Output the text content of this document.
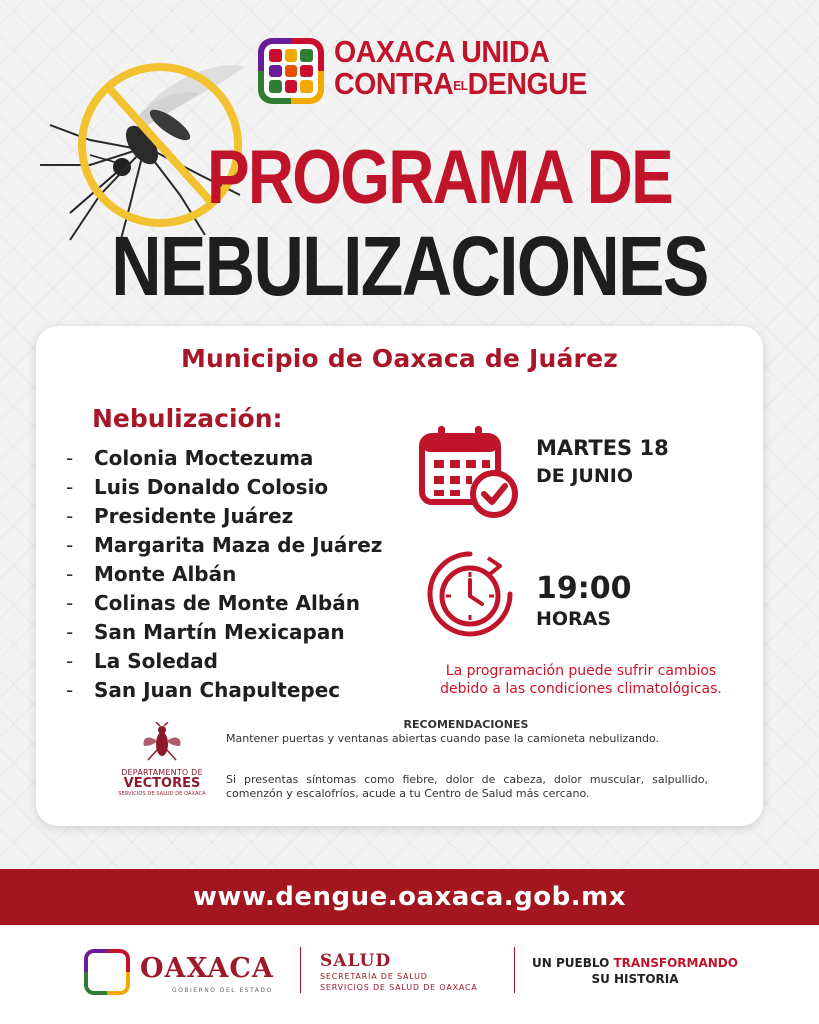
OAXACA UNIDA
CONTRAELDENGUE
PROGRAMA DE
NEBULIZACIONES
Municipio de Oaxaca de Juárez
Nebulización:
- Colonia Moctezuma
- Luis Donaldo Colosio
- Presidente Juárez
- Margarita Maza de Juárez
- Monte Albán
- Colinas de Monte Albán
- San Martín Mexicapan
- La Soledad
- San Juan Chapultepec
MARTES 18
DE JUNIO
19:00
HORAS
La programación puede sufrir cambios
debido a las condiciones climatológicas.
DEPARTAMENTO DE
VECTORES
SERVICIOS DE SALUD DE OAXACA
RECOMENDACIONES
Mantener puertas y ventanas abiertas cuando pase la camioneta nebulizando.
Si presentas síntomas como fiebre, dolor de cabeza, dolor muscular, salpullido, comenzón y escalofríos, acude a tu Centro de Salud más cercano.
www.dengue.oaxaca.gob.mx
OAXACA
GOBIERNO DEL ESTADO
SALUD
SECRETARÍA DE SALUD
SERVICIOS DE SALUD DE OAXACA
UN PUEBLO TRANSFORMANDO
SU HISTORIA
